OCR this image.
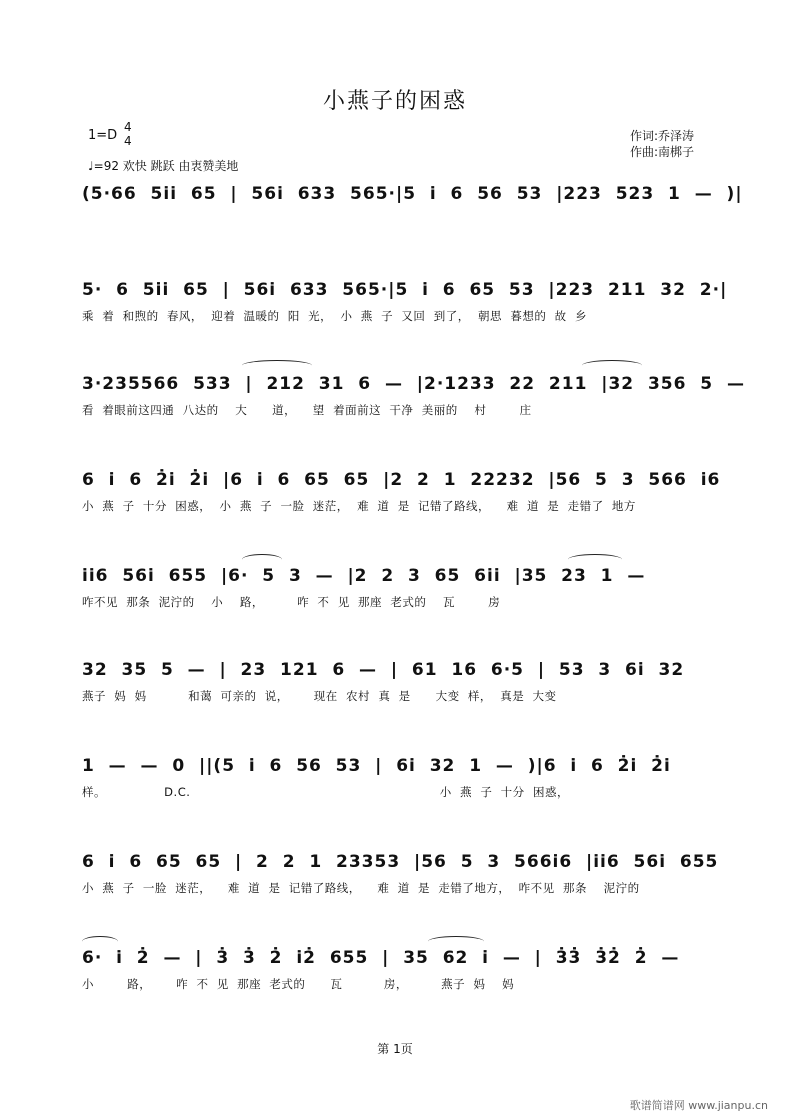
小燕子的困惑
1=D
4
4
♩=92 欢快 跳跃 由衷赞美地
作词:乔泽涛
作曲:南梆子
(5·66  5i̇i̇  65  |  56i̇  633  565·|5  i̇  6  56  53  |223  523  1  —  )|
5·  6  5i̇i̇  65  |  56i̇  633  565·|5  i̇  6  65  53  |223  211  32  2·|
乘  着  和煦的  春风，  迎着  温暖的  阳  光，  小  燕  子  又回  到了，  朝思  暮想的  故  乡
3·235566  533  |  212  31  6  —  |2·1233  22  211  |32  356  5  —
看  着眼前这四通  八达的    大      道，    望  着面前这  干净  美丽的    村        庄
6  i̇  6  2̇i̇  2̇i̇  |6  i̇  6  65  65  |2  2  1  22232  |56  5  3  566  i̇6
小  燕  子  十分  困惑，  小  燕  子  一脸  迷茫，  难  道  是  记错了路线，    难  道  是  走错了  地方
i̇i̇6  56i̇  655  |6·  5  3  —  |2  2  3  65  6i̇i̇  |35  23  1  —
咋不见  那条  泥泞的    小    路，        咋  不  见  那座  老式的    瓦        房
32  35  5  —  |  23  121  6  —  |  61  16  6·5  |  53  3  6i̇  32
燕子  妈  妈          和蔼  可亲的  说，      现在  农村  真  是      大变  样，  真是  大变
1  —  —  0  ||(5  i̇  6  56  53  |  6i̇  32  1  —  )|6  i̇  6  2̇i̇  2̇i̇
样。              D.C.                                                            小  燕  子  十分  困惑，
6  i̇  6  65  65  |  2  2  1  23353  |56  5  3  566i̇6  |i̇i̇6  56i̇  655
小  燕  子  一脸  迷茫，    难  道  是  记错了路线，    难  道  是  走错了地方，  咋不见  那条    泥泞的
6·  i̇  2̇  —  |  3̇  3̇  2̇  i̇2̇  655  |  35  62  i̇  —  |  3̇3̇  3̇2̇  2̇  —
小        路，      咋  不  见  那座  老式的      瓦          房，        燕子  妈    妈
第 1页
歌谱简谱网 www.jianpu.cn
